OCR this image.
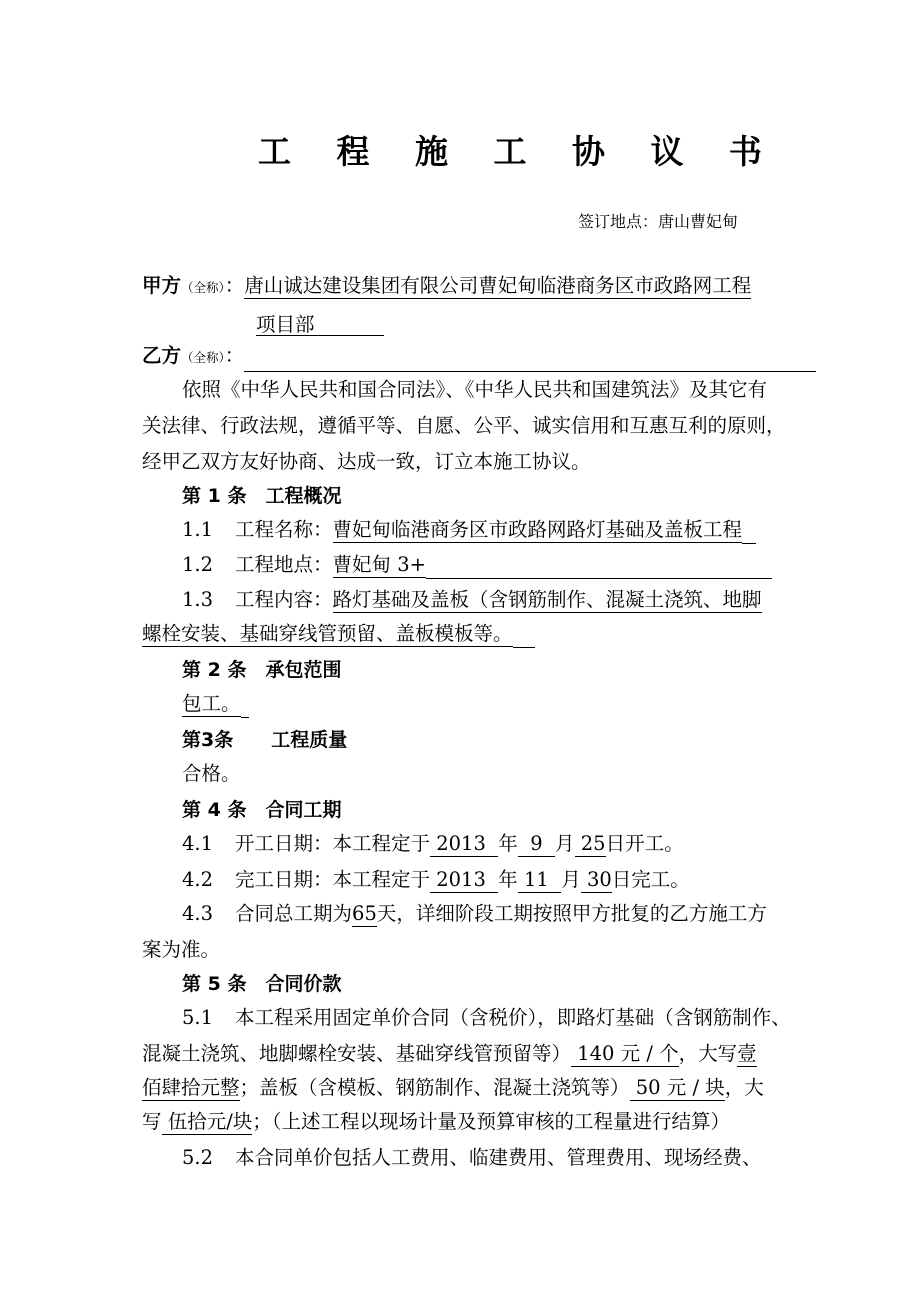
工 程 施 工 协 议 书
签订地点：唐山曹妃甸
甲方（全称）：唐山诚达建设集团有限公司曹妃甸临港商务区市政路网工程
项目部
乙方（全称）：
依照《中华人民共和国合同法》、《中华人民共和国建筑法》及其它有
关法律、行政法规，遵循平等、自愿、公平、诚实信用和互惠互利的原则，
经甲乙双方友好协商、达成一致，订立本施工协议。
第 1 条　工程概况
1.1 工程名称：曹妃甸临港商务区市政路网路灯基础及盖板工程
1.2 工程地点：曹妃甸 3+
1.3 工程内容：路灯基础及盖板（含钢筋制作、混凝土浇筑、地脚
螺栓安装、基础穿线管预留、盖板模板等。
第 2 条　承包范围
包工。
第3条　　工程质量
合格。
第 4 条　合同工期
4.1 开工日期：本工程定于 2013 年 9 月 25日开工。
4.2 完工日期：本工程定于 2013 年 11 月 30日完工。
4.3 合同总工期为65天，详细阶段工期按照甲方批复的乙方施工方
案为准。
第 5 条　合同价款
5.1 本工程采用固定单价合同（含税价），即路灯基础（含钢筋制作、
混凝土浇筑、地脚螺栓安装、基础穿线管预留等） 140 元 / 个，大写壹
佰肆拾元整；盖板（含模板、钢筋制作、混凝土浇筑等） 50 元 / 块，大
写 伍拾元/块；（上述工程以现场计量及预算审核的工程量进行结算）
5.2 本合同单价包括人工费用、临建费用、管理费用、现场经费、
